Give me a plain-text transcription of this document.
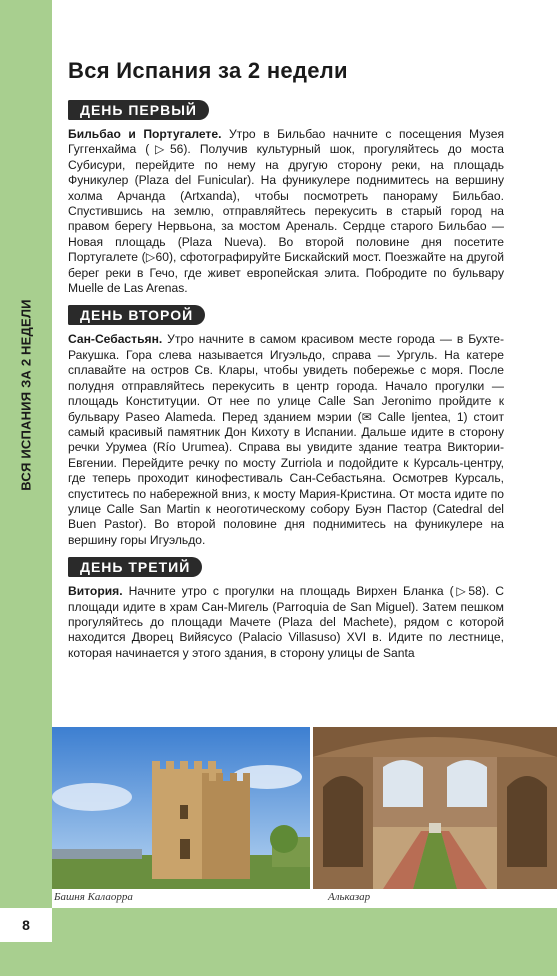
ВСЯ ИСПАНИЯ ЗА 2 НЕДЕЛИ
8
Вся Испания за 2 недели
ДЕНЬ ПЕРВЫЙ

Бильбао и Португалете. Утро в Бильбао начните с посещения Музея Гуггенхайма (▷56). Получив культурный шок, прогуляйтесь до моста Субисури, перейдите по нему на другую сторону реки, на площадь Фуникулер (Plaza del Funicular). На фуникулере поднимитесь на вершину холма Арчанда (Artxanda), чтобы посмотреть панораму Бильбао. Спустившись на землю, отправляйтесь перекусить в старый город на правом берегу Нервьона, за мостом Ареналь. Сердце старого Бильбао — Новая площадь (Plaza Nueva). Во второй половине дня посетите Португалете (▷60), сфотографируйте Бискайский мост. Поезжайте на другой берег реки в Гечо, где живет европейская элита. Побродите по бульвару Muelle de Las Arenas.

ДЕНЬ ВТОРОЙ

Сан-Себастьян. Утро начните в самом красивом месте города — в Бухте-Ракушка. Гора слева называется Игуэльдо, справа — Ургуль. На катере сплавайте на остров Св. Клары, чтобы увидеть побережье с моря. После полудня отправляйтесь перекусить в центр города. Начало прогулки — площадь Конституции. От нее по улице Calle San Jeronimo пройдите к бульвару Paseo Alameda. Перед зданием мэрии (✉ Calle Ijentea, 1) стоит самый красивый памятник Дон Кихоту в Испании. Дальше идите в сторону речки Урумеа (Río Urumea). Справа вы увидите здание театра Виктории-Евгении. Перейдите речку по мосту Zurriola и подойдите к Курсаль-центру, где теперь проходит кинофестиваль Сан-Себастьяна. Осмотрев Курсаль, спуститесь по набережной вниз, к мосту Мария-Кристина. От моста идите по улице Calle San Martin к неоготическому собору Буэн Пастор (Catedral del Buen Pastor). Во второй половине дня поднимитесь на фуникулере на вершину горы Игуэльдо.

ДЕНЬ ТРЕТИЙ

Витория. Начните утро с прогулки на площадь Вирхен Бланка (▷58). С площади идите в храм Сан-Мигель (Parroquia de San Miguel). Затем пешком прогуляйтесь до площади Мачете (Plaza del Machete), рядом с которой находится Дворец Вийясусо (Palacio Villasuso) XVI в. Идите по лестнице, которая начинается у этого здания, в сторону улицы de Santa

Башня Калаорра	Альказар
